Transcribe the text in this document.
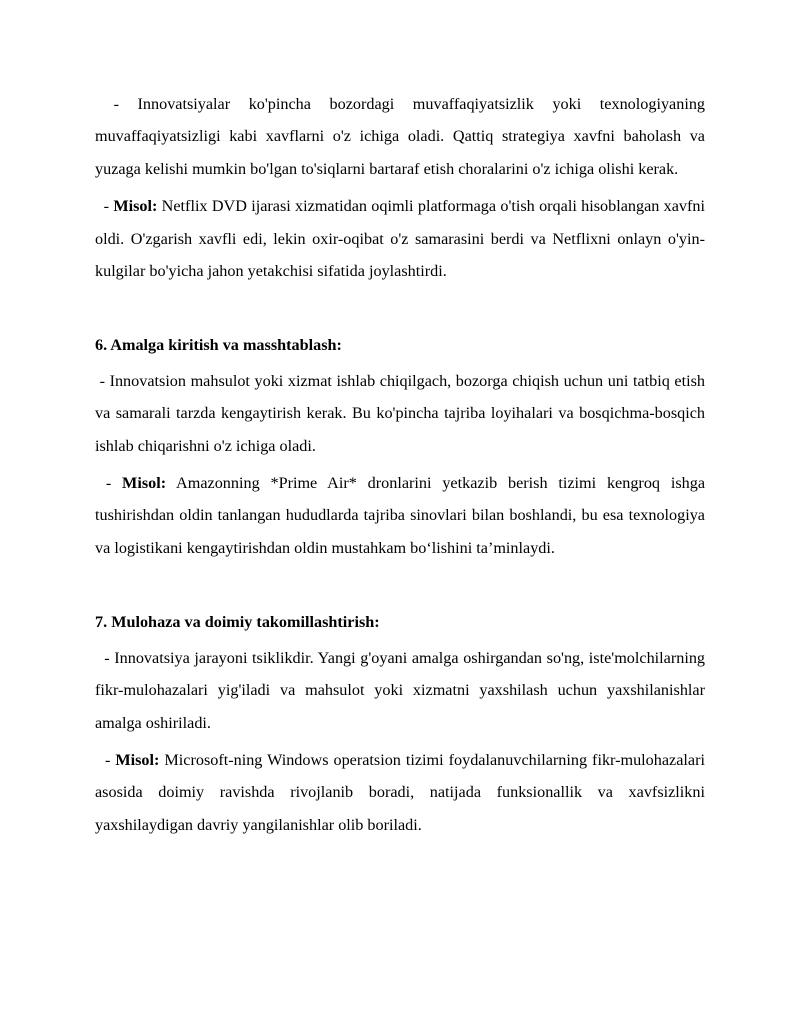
- Innovatsiyalar ko'pincha bozordagi muvaffaqiyatsizlik yoki texnologiyaning muvaffaqiyatsizligi kabi xavflarni o'z ichiga oladi. Qattiq strategiya xavfni baholash va yuzaga kelishi mumkin bo'lgan to'siqlarni bartaraf etish choralarini o'z ichiga olishi kerak.

- Misol: Netflix DVD ijarasi xizmatidan oqimli platformaga o'tish orqali hisoblangan xavfni oldi. O'zgarish xavfli edi, lekin oxir-oqibat o'z samarasini berdi va Netflixni onlayn o'yin-kulgilar bo'yicha jahon yetakchisi sifatida joylashtirdi.

6. Amalga kiritish va masshtablash:

- Innovatsion mahsulot yoki xizmat ishlab chiqilgach, bozorga chiqish uchun uni tatbiq etish va samarali tarzda kengaytirish kerak. Bu ko'pincha tajriba loyihalari va bosqichma-bosqich ishlab chiqarishni o'z ichiga oladi.

- Misol: Amazonning *Prime Air* dronlarini yetkazib berish tizimi kengroq ishga tushirishdan oldin tanlangan hududlarda tajriba sinovlari bilan boshlandi, bu esa texnologiya va logistikani kengaytirishdan oldin mustahkam bo‘lishini ta’minlaydi.

7. Mulohaza va doimiy takomillashtirish:

- Innovatsiya jarayoni tsiklikdir. Yangi g'oyani amalga oshirgandan so'ng, iste'molchilarning fikr-mulohazalari yig'iladi va mahsulot yoki xizmatni yaxshilash uchun yaxshilanishlar amalga oshiriladi.

- Misol: Microsoft-ning Windows operatsion tizimi foydalanuvchilarning fikr-mulohazalari asosida doimiy ravishda rivojlanib boradi, natijada funksionallik va xavfsizlikni yaxshilaydigan davriy yangilanishlar olib boriladi.
